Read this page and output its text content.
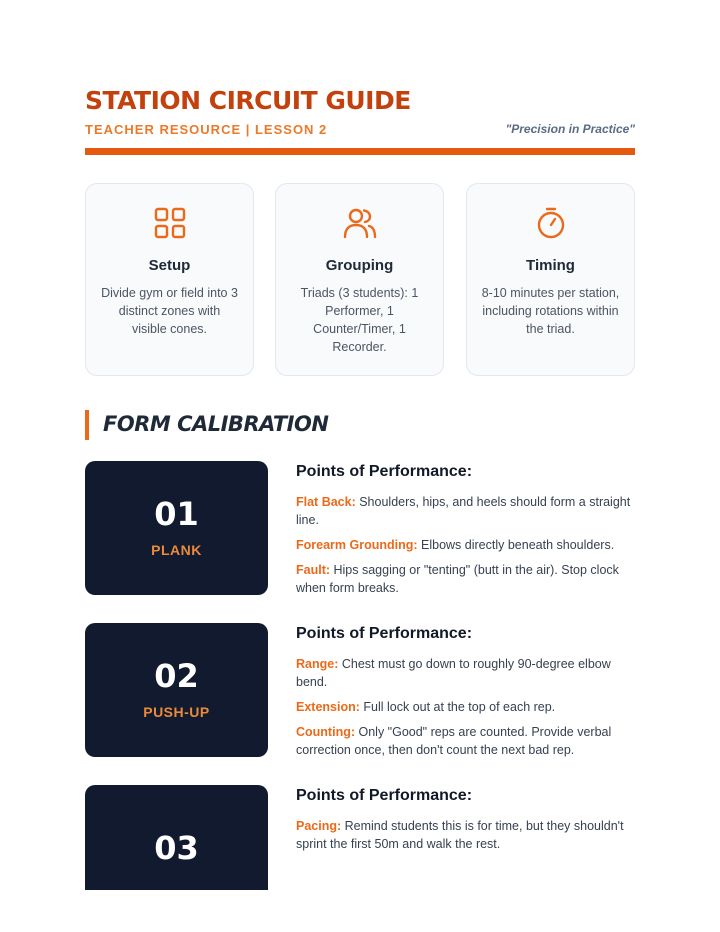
STATION CIRCUIT GUIDE
TEACHER RESOURCE | LESSON 2	"Precision in Practice"
Setup
Divide gym or field into 3 distinct zones with visible cones.
Grouping
Triads (3 students): 1 Performer, 1 Counter/Timer, 1 Recorder.
Timing
8-10 minutes per station, including rotations within the triad.
FORM CALIBRATION
01
PLANK
Points of Performance:
Flat Back: Shoulders, hips, and heels should form a straight line.
Forearm Grounding: Elbows directly beneath shoulders.
Fault: Hips sagging or "tenting" (butt in the air). Stop clock when form breaks.
02
PUSH-UP
Points of Performance:
Range: Chest must go down to roughly 90-degree elbow bend.
Extension: Full lock out at the top of each rep.
Counting: Only "Good" reps are counted. Provide verbal correction once, then don't count the next bad rep.
03
Points of Performance:
Pacing: Remind students this is for time, but they shouldn't sprint the first 50m and walk the rest.
